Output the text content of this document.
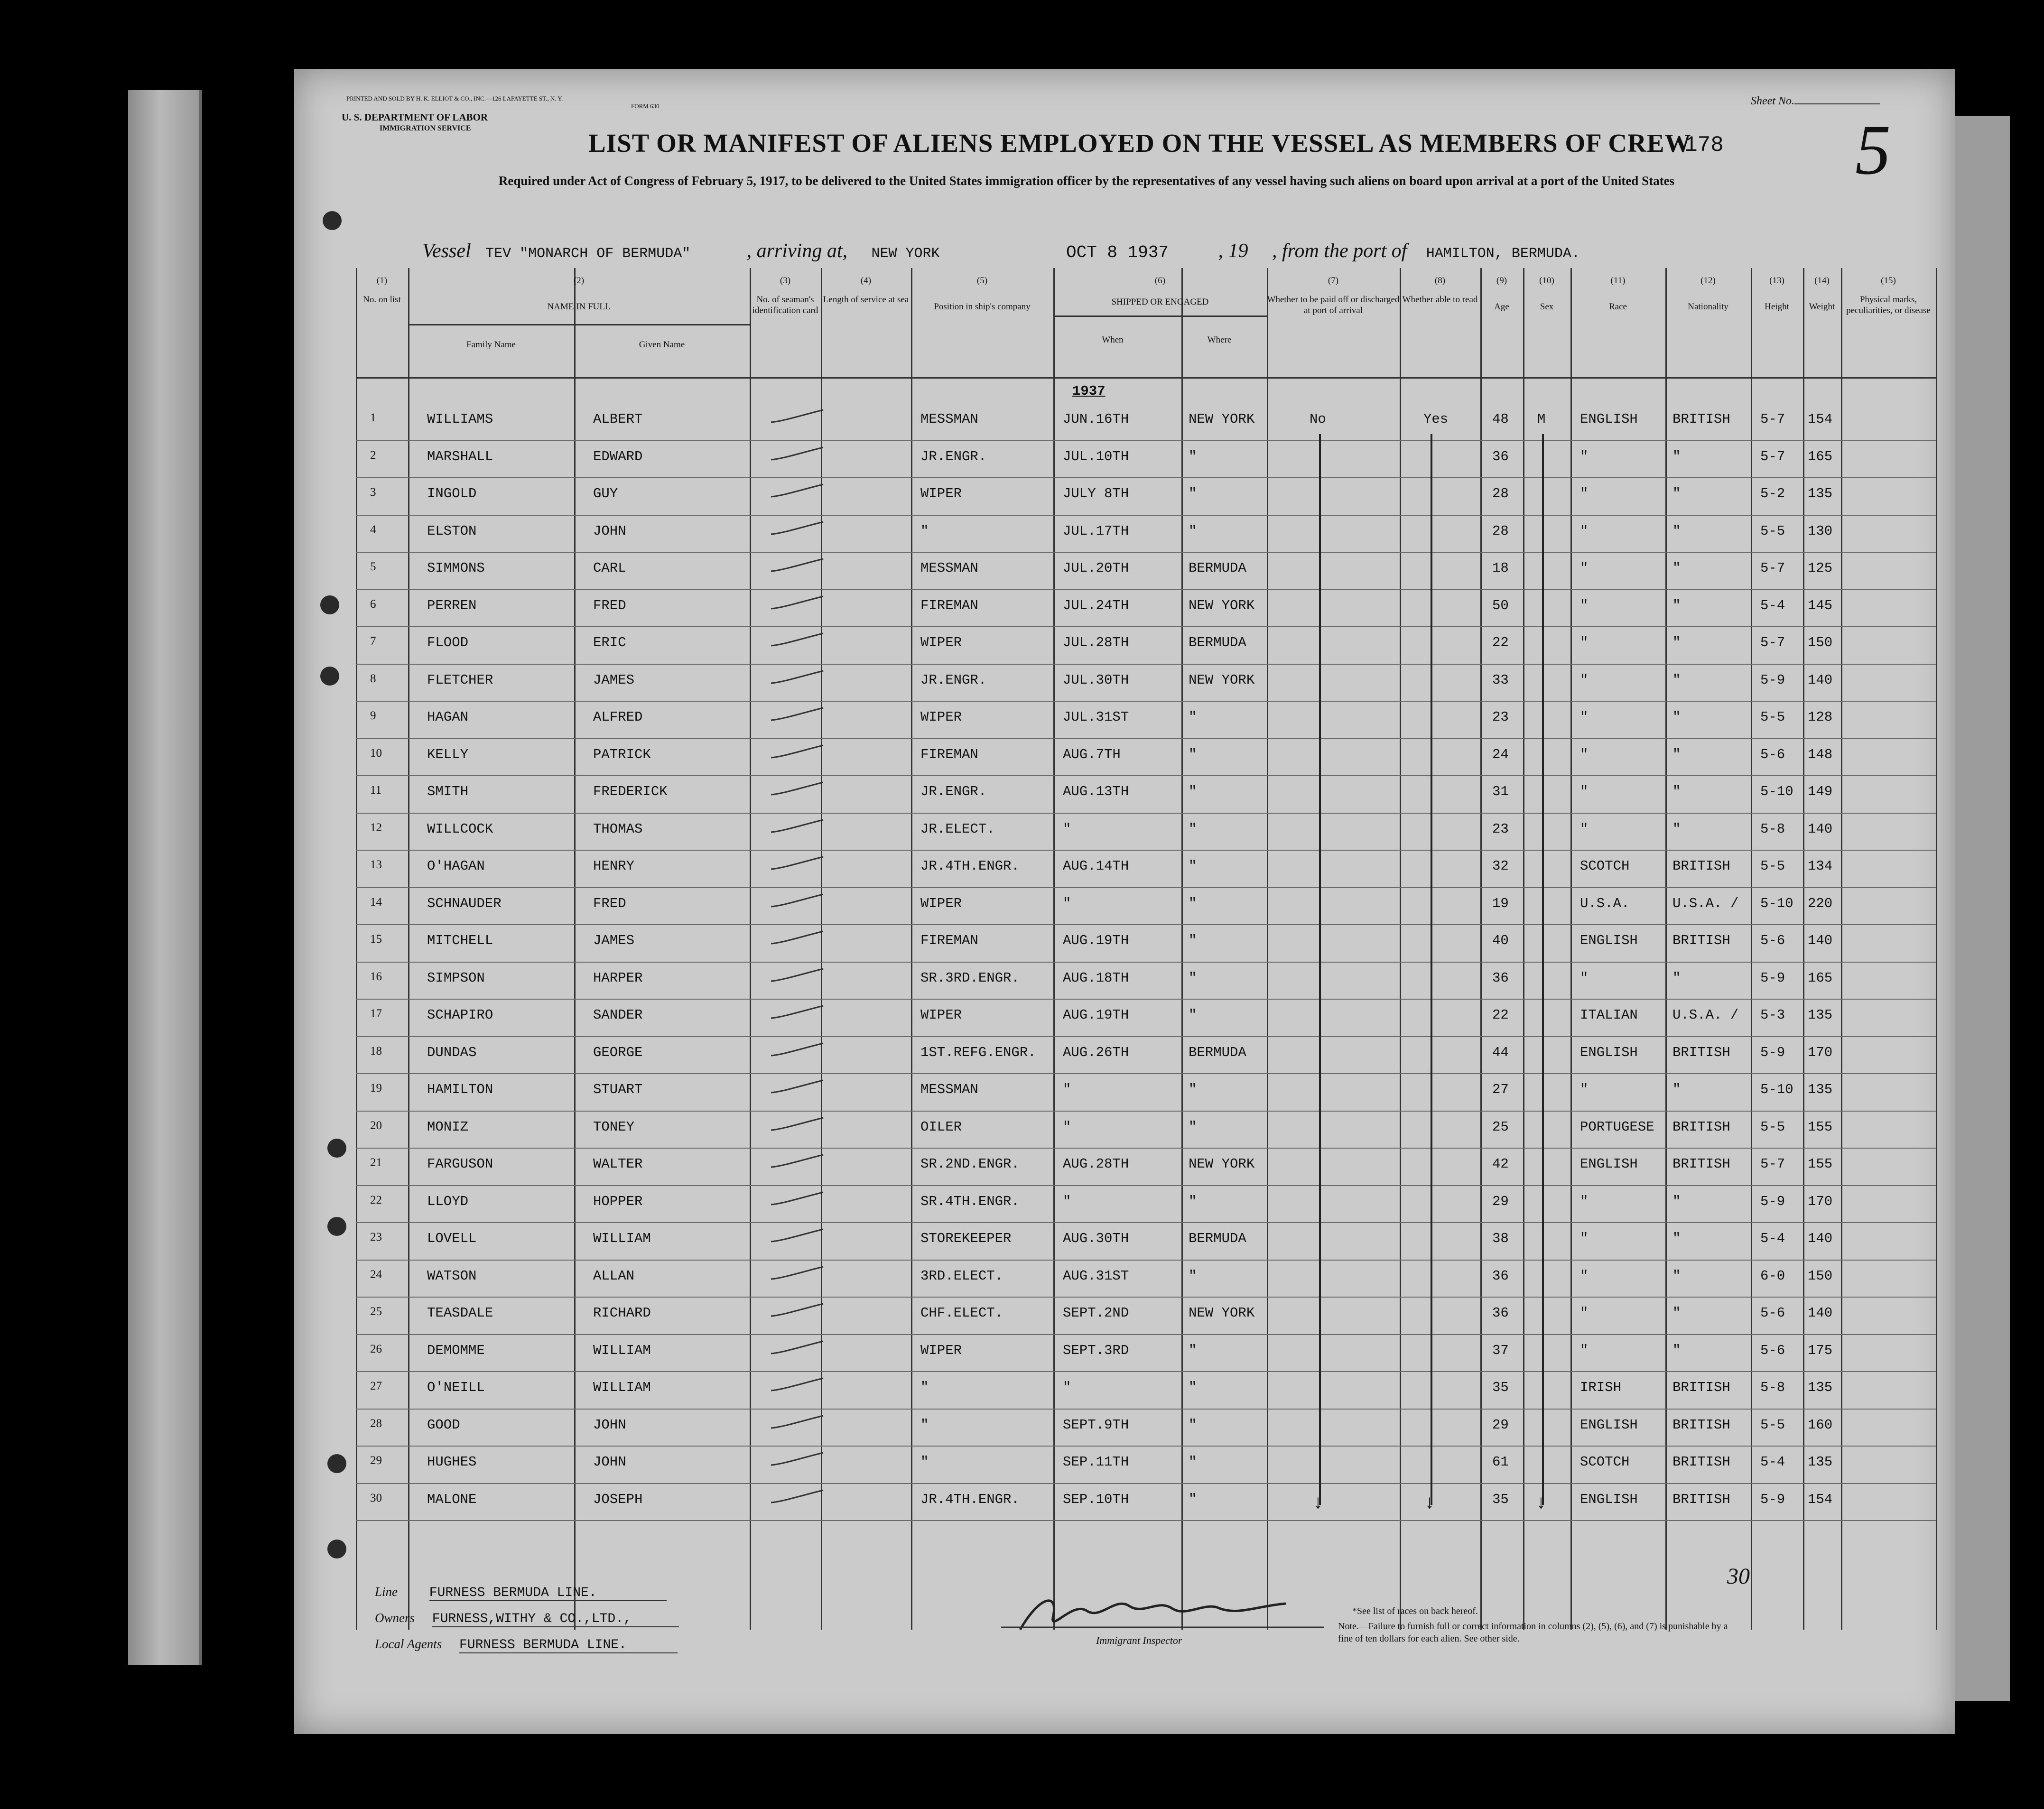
PRINTED AND SOLD BY H. K. ELLIOT & CO., INC.—126 LAFAYETTE ST., N. Y.
FORM 630
U. S. DEPARTMENT OF LABOR
IMMIGRATION SERVICE
Sheet No.
LIST OR MANIFEST OF ALIENS EMPLOYED ON THE VESSEL AS MEMBERS OF CREW
178 5
Required under Act of Congress of February 5, 1917, to be delivered to the United States immigration officer by the representatives of any vessel having such aliens on board upon arrival at a port of the United States
Vessel TEV "MONARCH OF BERMUDA"	, arriving at, NEW YORK	OCT 8 1937 , 19 , from the port of HAMILTON, BERMUDA.
(1)	(2)	(3)	(4)	(5)	(6)	(7)	(8)	(9)	(10)	(11)	(12)	(13)	(14)	(15)
No. on list
NAME IN FULL
Family Name	Given Name
No. of seaman's identification card
Length of service at sea
Position in ship's company	SHIPPED OR ENGAGED
When	Where
Whether to be paid off or discharged at port of arrival
Whether able to read
Age	Sex	Race	Nationality	Height	Weight
Physical marks, peculiarities, or disease
1937
1	WILLIAMS	ALBERT	MESSMAN	JUN.16TH	NEW YORK	No	Yes	48 M	ENGLISH	BRITISH 5-7 154
2	MARSHALL	EDWARD	JR.ENGR.	JUL.10TH	"	36	"	"	5-7 165
3	INGOLD	GUY	WIPER	JULY 8TH	"	28	"	"	5-2 135
4	ELSTON	JOHN	"	JUL.17TH	"	28	"	"	5-5 130
5	SIMMONS	CARL	MESSMAN	JUL.20TH	BERMUDA	18	"	"	5-7 125
6	PERREN	FRED	FIREMAN	JUL.24TH	NEW YORK	50	"	"	5-4 145
7	FLOOD	ERIC	WIPER	JUL.28TH	BERMUDA	22	"	"	5-7 150
8	FLETCHER	JAMES	JR.ENGR.	JUL.30TH	NEW YORK	33	"	"	5-9 140
9	HAGAN	ALFRED	WIPER	JUL.31ST	"	23	"	"	5-5 128
10	KELLY	PATRICK	FIREMAN	AUG.7TH	"	24	"	"	5-6 148
11	SMITH	FREDERICK	JR.ENGR.	AUG.13TH	"	31	"	"	5-10 149
12	WILLCOCK	THOMAS	JR.ELECT.	"	"	23	"	"	5-8 140
13	O'HAGAN	HENRY	JR.4TH.ENGR.	AUG.14TH	"	32	SCOTCH	BRITISH 5-5 134
14	SCHNAUDER	FRED	WIPER	"	"	19	U.S.A.	U.S.A. / 5-10 220
15	MITCHELL	JAMES	FIREMAN	AUG.19TH	"	40	ENGLISH	BRITISH 5-6 140
16	SIMPSON	HARPER	SR.3RD.ENGR.	AUG.18TH	"	36	"	"	5-9 165
17	SCHAPIRO	SANDER	WIPER	AUG.19TH	"	22	ITALIAN	U.S.A. / 5-3 135
18	DUNDAS	GEORGE	1ST.REFG.ENGR. AUG.26TH	BERMUDA	44	ENGLISH	BRITISH 5-9 170
19	HAMILTON	STUART	MESSMAN	"	"	27	"	"	5-10 135
20	MONIZ	TONEY	OILER	"	"	25	PORTUGESE BRITISH 5-5 155
21	FARGUSON	WALTER	SR.2ND.ENGR.	AUG.28TH	NEW YORK	42	ENGLISH	BRITISH 5-7 155
22	LLOYD	HOPPER	SR.4TH.ENGR.	"	"	29	"	"	5-9 170
23	LOVELL	WILLIAM	STOREKEEPER	AUG.30TH	BERMUDA	38	"	"	5-4 140
24	WATSON	ALLAN	3RD.ELECT.	AUG.31ST	"	36	"	"	6-0 150
25	TEASDALE	RICHARD	CHF.ELECT.	SEPT.2ND	NEW YORK	36	"	"	5-6 140
26	DEMOMME	WILLIAM	WIPER	SEPT.3RD	"	37	"	"	5-6 175
27	O'NEILL	WILLIAM	"	"	"	35	IRISH	BRITISH 5-8 135
28	GOOD	JOHN	"	SEPT.9TH	"	29	ENGLISH	BRITISH 5-5 160
29	HUGHES	JOHN	"	SEP.11TH	"	61	SCOTCH	BRITISH 5-4 135
30	MALONE	JOSEPH	JR.4TH.ENGR.	SEP.10TH	"	35	ENGLISH	BRITISH 5-9 154
↓	↓	↓
Line FURNESS BERMUDA LINE.
Owners FURNESS,WITHY & CO.,LTD.,
Local Agents FURNESS BERMUDA LINE.	Immigrant Inspector
30
*See list of races on back hereof.
Note.—Failure to furnish full or correct information in columns (2), (5), (6), and (7) is punishable by a fine of ten dollars for each alien. See other side.
